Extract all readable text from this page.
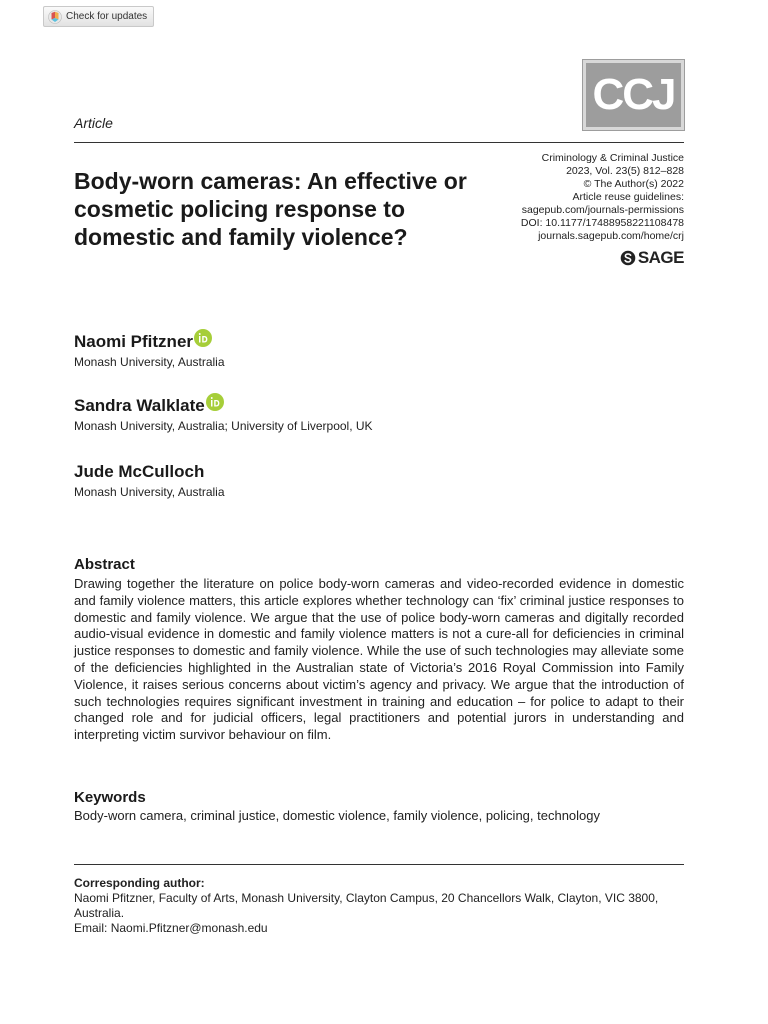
Check for updates
CCJ
Article
Body-worn cameras: An effective or cosmetic policing response to domestic and family violence?
Criminology & Criminal Justice
2023, Vol. 23(5) 812–828
© The Author(s) 2022
Article reuse guidelines:
sagepub.com/journals-permissions
DOI: 10.1177/17488958221108478
journals.sagepub.com/home/crj
SAGE
Naomi Pfitzner
Monash University, Australia
Sandra Walklate
Monash University, Australia; University of Liverpool, UK
Jude McCulloch
Monash University, Australia
Abstract

Drawing together the literature on police body-worn cameras and video-recorded evidence in domestic and family violence matters, this article explores whether technology can ‘fix’ criminal justice responses to domestic and family violence. We argue that the use of police body-worn cameras and digitally recorded audio-visual evidence in domestic and family violence matters is not a cure-all for deficiencies in criminal justice responses to domestic and family violence. While the use of such technologies may alleviate some of the deficiencies highlighted in the Australian state of Victoria’s 2016 Royal Commission into Family Violence, it raises serious concerns about victim’s agency and privacy. We argue that the introduction of such technologies requires significant investment in training and education – for police to adapt to their changed role and for judicial officers, legal practitioners and potential jurors in understanding and interpreting victim survivor behaviour on film.

Keywords
Body-worn camera, criminal justice, domestic violence, family violence, policing, technology
Corresponding author:
Naomi Pfitzner, Faculty of Arts, Monash University, Clayton Campus, 20 Chancellors Walk, Clayton, VIC 3800, Australia.
Email: Naomi.Pfitzner@monash.edu
